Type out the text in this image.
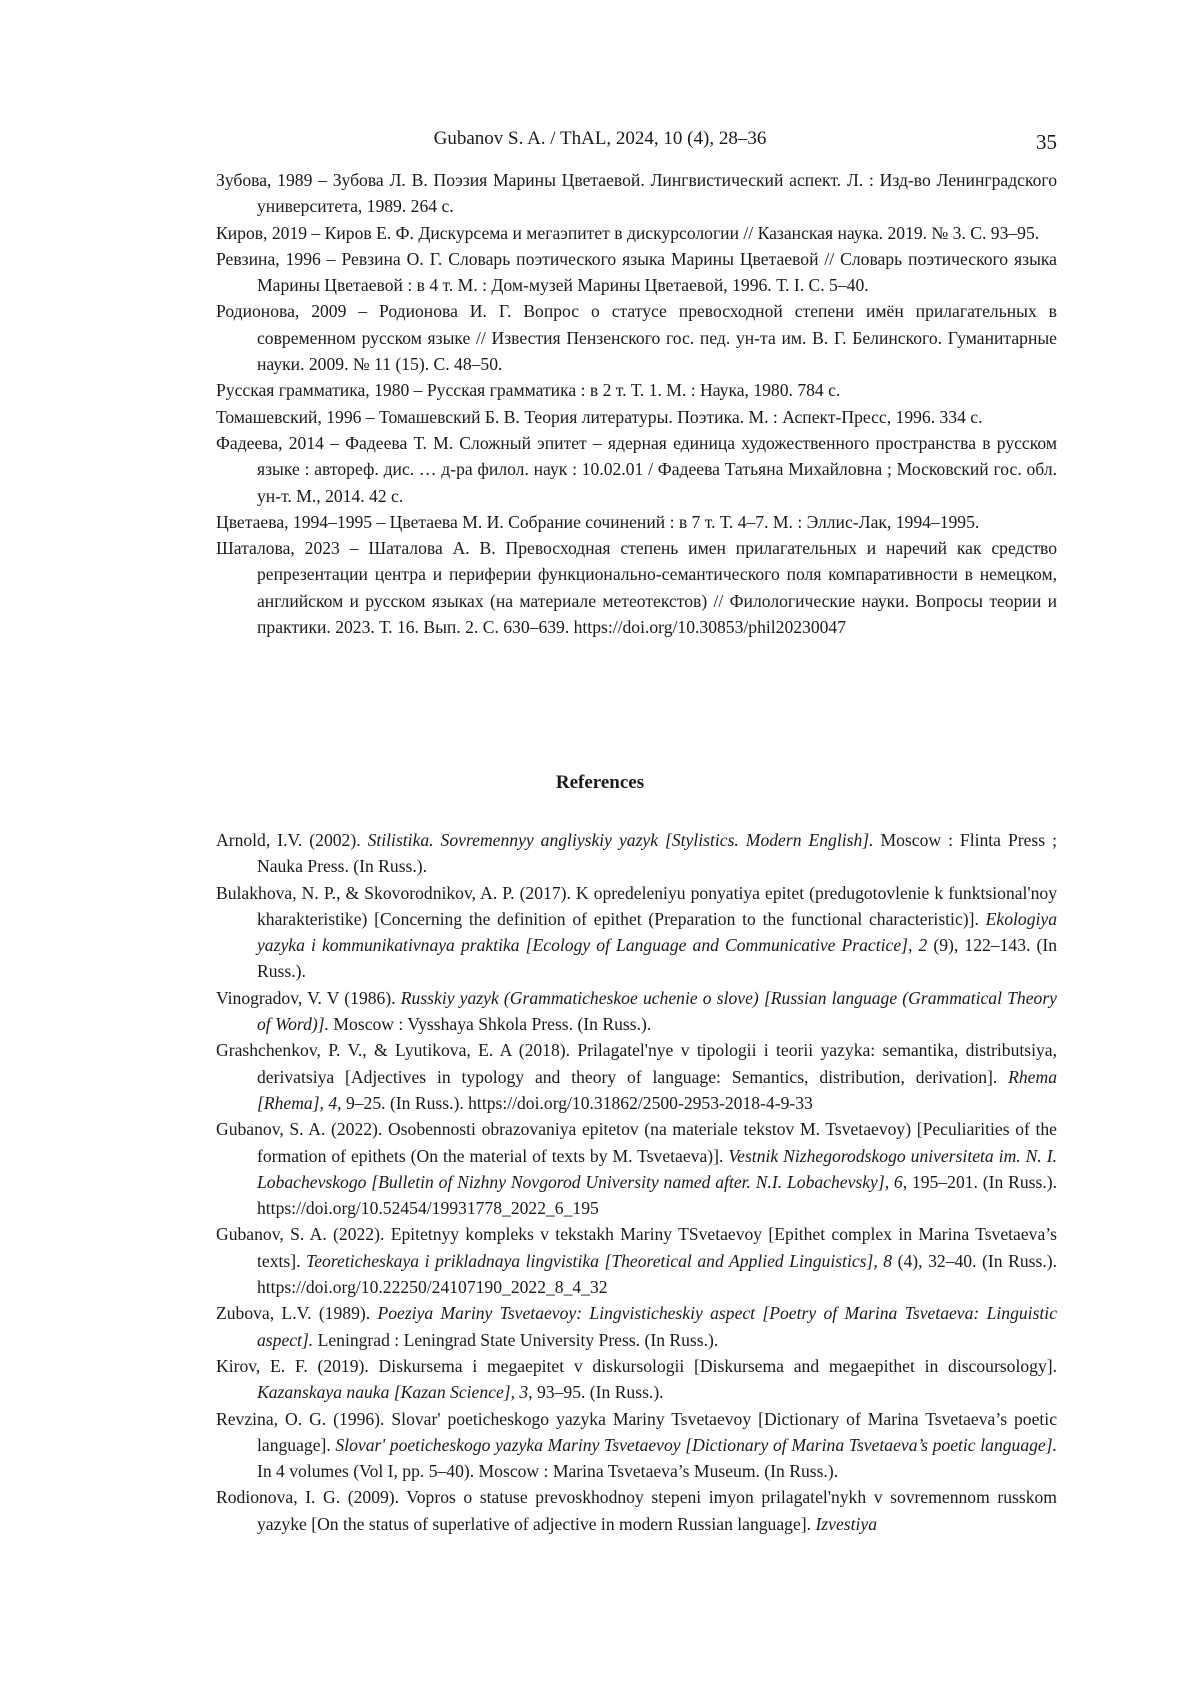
Gubanov S. A. / ThAL, 2024, 10 (4), 28–36	35

Зубова, 1989 – Зубова Л. В. Поэзия Марины Цветаевой. Лингвистический аспект. Л. : Изд-во Ленинградского университета, 1989. 264 с.

Киров, 2019 – Киров Е. Ф. Дискурсема и мегаэпитет в дискурсологии // Казанская наука. 2019. № 3. С. 93–95.

Ревзина, 1996 – Ревзина О. Г. Словарь поэтического языка Марины Цветаевой // Словарь поэтического языка Марины Цветаевой : в 4 т. М. : Дом-музей Марины Цветаевой, 1996. Т. I. С. 5–40.

Родионова, 2009 – Родионова И. Г. Вопрос о статусе превосходной степени имён прилагательных в современном русском языке // Известия Пензенского гос. пед. ун-та им. В. Г. Белинского. Гуманитарные науки. 2009. № 11 (15). С. 48–50.

Русская грамматика, 1980 – Русская грамматика : в 2 т. Т. 1. М. : Наука, 1980. 784 с.

Томашевский, 1996 – Томашевский Б. В. Теория литературы. Поэтика. М. : Аспект-Пресс, 1996. 334 с.

Фадеева, 2014 – Фадеева Т. М. Сложный эпитет – ядерная единица художественного пространства в русском языке : автореф. дис. … д-ра филол. наук : 10.02.01 / Фадеева Татьяна Михайловна ; Московский гос. обл. ун-т. М., 2014. 42 с.

Цветаева, 1994–1995 – Цветаева М. И. Собрание сочинений : в 7 т. Т. 4–7. М. : Эллис-Лак, 1994–1995.

Шаталова, 2023 – Шаталова А. В. Превосходная степень имен прилагательных и наречий как средство репрезентации центра и периферии функционально-семантического поля компаративности в немецком, английском и русском языках (на материале метеотекстов) // Филологические науки. Вопросы теории и практики. 2023. Т. 16. Вып. 2. С. 630–639. https://doi.org/10.30853/phil20230047

References

Arnold, I.V. (2002). Stilistika. Sovremennyy angliyskiy yazyk [Stylistics. Modern English]. Moscow : Flinta Press ; Nauka Press. (In Russ.).

Bulakhova, N. P., & Skovorodnikov, A. P. (2017). K opredeleniyu ponyatiya epitet (predugotovlenie k funktsional'noy kharakteristike) [Concerning the definition of epithet (Preparation to the functional characteristic)]. Ekologiya yazyka i kommunikativnaya praktika [Ecology of Language and Communicative Practice], 2 (9), 122–143. (In Russ.).

Vinogradov, V. V (1986). Russkiy yazyk (Grammaticheskoe uchenie o slove) [Russian language (Grammatical Theory of Word)]. Moscow : Vysshaya Shkola Press. (In Russ.).

Grashchenkov, P. V., & Lyutikova, E. A (2018). Prilagatel'nye v tipologii i teorii yazyka: semantika, distributsiya, derivatsiya [Adjectives in typology and theory of language: Semantics, distribution, derivation]. Rhema [Rhema], 4, 9–25. (In Russ.). https://doi.org/10.31862/2500-2953-2018-4-9-33

Gubanov, S. A. (2022). Osobennosti obrazovaniya epitetov (na materiale tekstov M. Tsvetaevoy) [Peculiarities of the formation of epithets (On the material of texts by M. Tsvetaeva)]. Vestnik Nizhegorodskogo universiteta im. N. I. Lobachevskogo [Bulletin of Nizhny Novgorod University named after. N.I. Lobachevsky], 6, 195–201. (In Russ.). https://doi.org/10.52454/19931778_2022_6_195

Gubanov, S. A. (2022). Epitetnyy kompleks v tekstakh Mariny TSvetaevoy [Epithet complex in Marina Tsvetaeva’s texts]. Teoreticheskaya i prikladnaya lingvistika [Theoretical and Applied Linguistics], 8 (4), 32–40. (In Russ.). https://doi.org/10.22250/24107190_2022_8_4_32

Zubova, L.V. (1989). Poeziya Mariny Tsvetaevoy: Lingvisticheskiy aspect [Poetry of Marina Tsvetaeva: Linguistic aspect]. Leningrad : Leningrad State University Press. (In Russ.).

Kirov, E. F. (2019). Diskursema i megaepitet v diskursologii [Diskursema and megaepithet in discoursology]. Kazanskaya nauka [Kazan Science], 3, 93–95. (In Russ.).

Revzina, O. G. (1996). Slovar' poeticheskogo yazyka Mariny Tsvetaevoy [Dictionary of Marina Tsvetaeva’s poetic language]. Slovar' poeticheskogo yazyka Mariny Tsvetaevoy [Dictionary of Marina Tsvetaeva’s poetic language]. In 4 volumes (Vol I, pp. 5–40). Moscow : Marina Tsvetaeva’s Museum. (In Russ.).

Rodionova, I. G. (2009). Vopros o statuse prevoskhodnoy stepeni imyon prilagatel'nykh v sovremennom russkom yazyke [On the status of superlative of adjective in modern Russian language]. Izvestiya
